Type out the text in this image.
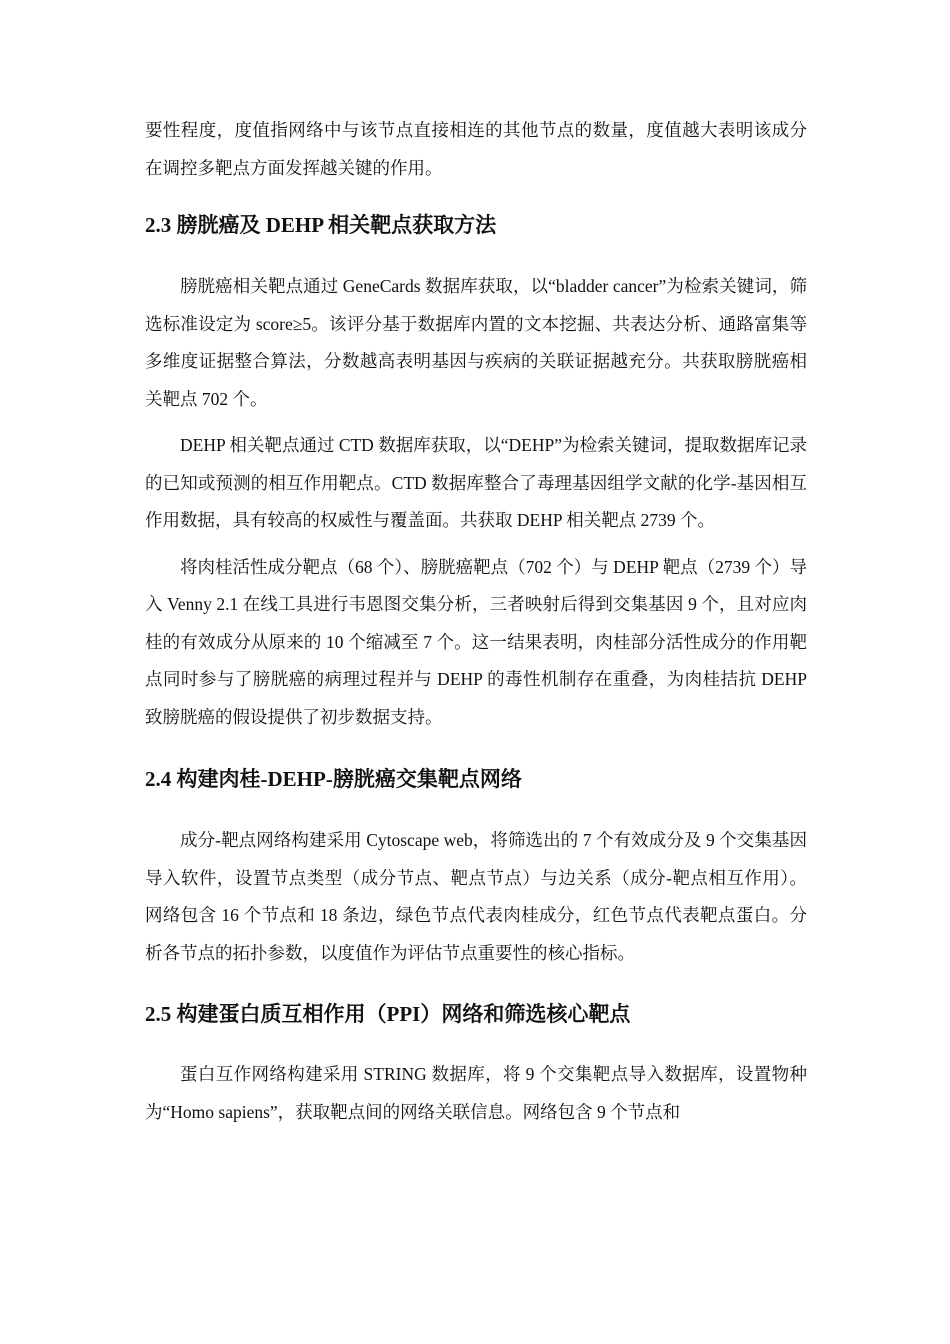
要性程度，度值指网络中与该节点直接相连的其他节点的数量，度值越大表明该成分在调控多靶点方面发挥越关键的作用。

2.3 膀胱癌及 DEHP 相关靶点获取方法

膀胱癌相关靶点通过 GeneCards 数据库获取，以“bladder cancer”为检索关键词，筛选标准设定为 score≥5。该评分基于数据库内置的文本挖掘、共表达分析、通路富集等多维度证据整合算法，分数越高表明基因与疾病的关联证据越充分。共获取膀胱癌相关靶点 702 个。

DEHP 相关靶点通过 CTD 数据库获取，以“DEHP”为检索关键词，提取数据库记录的已知或预测的相互作用靶点。CTD 数据库整合了毒理基因组学文献的化学-基因相互作用数据，具有较高的权威性与覆盖面。共获取 DEHP 相关靶点 2739 个。

将肉桂活性成分靶点（68 个）、膀胱癌靶点（702 个）与 DEHP 靶点（2739 个）导入 Venny 2.1 在线工具进行韦恩图交集分析，三者映射后得到交集基因 9 个，且对应肉桂的有效成分从原来的 10 个缩减至 7 个。这一结果表明，肉桂部分活性成分的作用靶点同时参与了膀胱癌的病理过程并与 DEHP 的毒性机制存在重叠，为肉桂拮抗 DEHP 致膀胱癌的假设提供了初步数据支持。

2.4 构建肉桂-DEHP-膀胱癌交集靶点网络

成分-靶点网络构建采用 Cytoscape web，将筛选出的 7 个有效成分及 9 个交集基因导入软件，设置节点类型（成分节点、靶点节点）与边关系（成分-靶点相互作用）。网络包含 16 个节点和 18 条边，绿色节点代表肉桂成分，红色节点代表靶点蛋白。分析各节点的拓扑参数，以度值作为评估节点重要性的核心指标。

2.5 构建蛋白质互相作用（PPI）网络和筛选核心靶点

蛋白互作网络构建采用 STRING 数据库，将 9 个交集靶点导入数据库，设置物种为“Homo sapiens”，获取靶点间的网络关联信息。网络包含 9 个节点和
